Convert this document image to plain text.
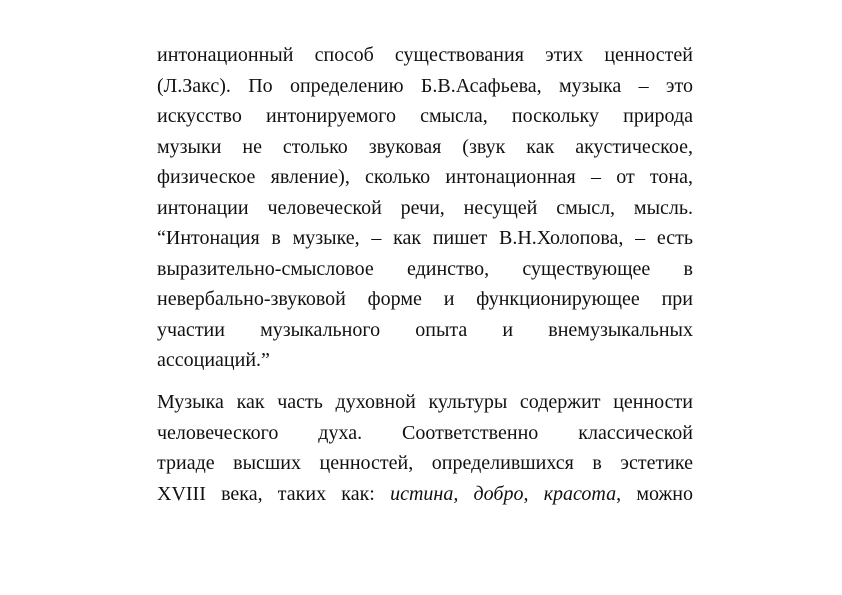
интонационный способ существования этих ценностей
(Л.Закс). По определению Б.В.Асафьева, музыка – это
искусство интонируемого смысла, поскольку природа
музыки не столько звуковая (звук как акустическое,
физическое явление), сколько интонационная – от тона,
интонации человеческой речи, несущей смысл, мысль.
“Интонация в музыке, – как пишет В.Н.Холопова, – есть
выразительно-смысловое единство, существующее в
невербально-звуковой форме и функционирующее при
участии музыкального опыта и внемузыкальных
ассоциаций.”
Музыка как часть духовной культуры содержит ценности
человеческого духа. Соответственно классической
триаде высших ценностей, определившихся в эстетике
XVIII века, таких как: истина, добро, красота, можно
